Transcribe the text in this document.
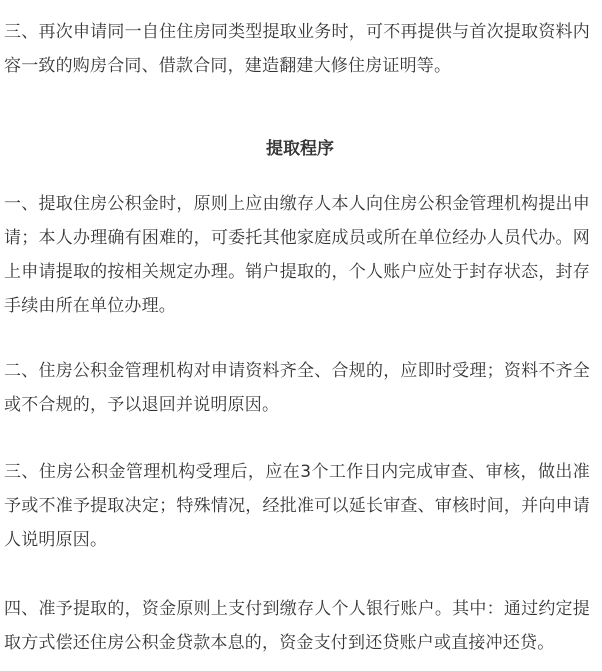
三、再次申请同一自住住房同类型提取业务时，可不再提供与首次提取资料内容一致的购房合同、借款合同，建造翻建大修住房证明等。

提取程序

一、提取住房公积金时，原则上应由缴存人本人向住房公积金管理机构提出申请；本人办理确有困难的，可委托其他家庭成员或所在单位经办人员代办。网上申请提取的按相关规定办理。销户提取的，个人账户应处于封存状态，封存手续由所在单位办理。

二、住房公积金管理机构对申请资料齐全、合规的，应即时受理；资料不齐全或不合规的，予以退回并说明原因。

三、住房公积金管理机构受理后，应在3个工作日内完成审查、审核，做出准予或不准予提取决定；特殊情况，经批准可以延长审查、审核时间，并向申请人说明原因。

四、准予提取的，资金原则上支付到缴存人个人银行账户。其中：通过约定提取方式偿还住房公积金贷款本息的，资金支付到还贷账户或直接冲还贷。
